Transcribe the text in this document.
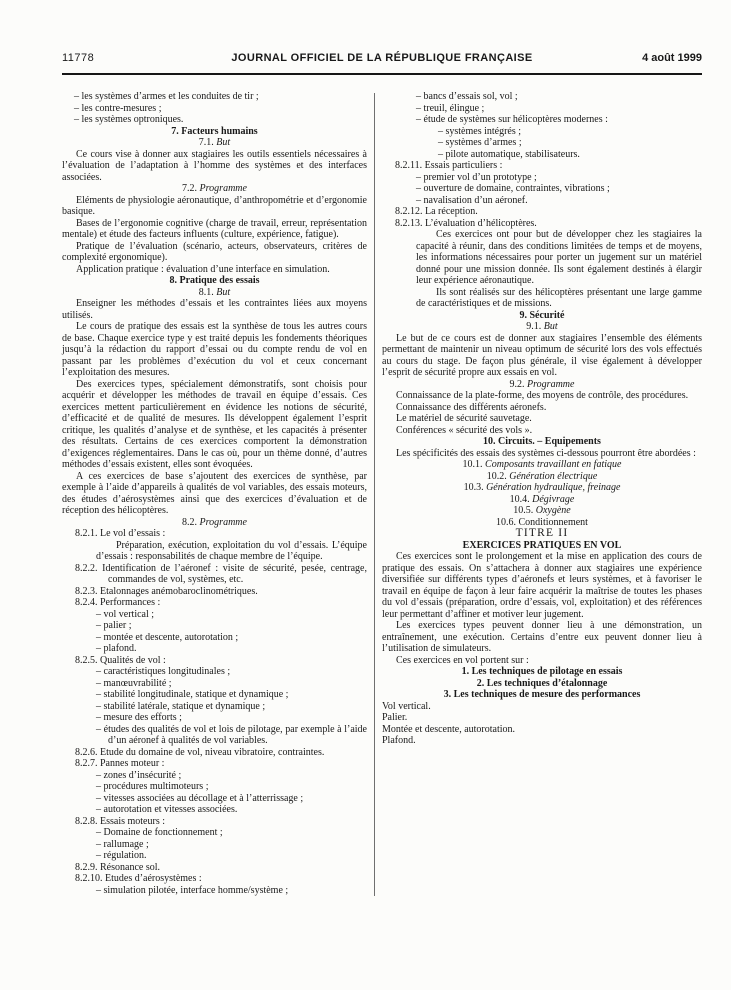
11778	JOURNAL OFFICIEL DE LA RÉPUBLIQUE FRANÇAISE	4 août 1999

– les systèmes d’armes et les conduites de tir ;

– les contre-mesures ;

– les systèmes optroniques.

7. Facteurs humains

7.1. But

Ce cours vise à donner aux stagiaires les outils essentiels nécessaires à l’évaluation de l’adaptation à l’homme des systèmes et des interfaces associées.

7.2. Programme

Eléments de physiologie aéronautique, d’anthropométrie et d’ergonomie basique.

Bases de l’ergonomie cognitive (charge de travail, erreur, représentation mentale) et étude des facteurs influents (culture, expérience, fatigue).

Pratique de l’évaluation (scénario, acteurs, observateurs, critères de complexité ergonomique).

Application pratique : évaluation d’une interface en simulation.

8. Pratique des essais

8.1. But

Enseigner les méthodes d’essais et les contraintes liées aux moyens utilisés.

Le cours de pratique des essais est la synthèse de tous les autres cours de base. Chaque exercice type y est traité depuis les fondements théoriques jusqu’à la rédaction du rapport d’essai ou du compte rendu de vol en passant par les problèmes d’exécution du vol et ceux concernant l’exploitation des mesures.

Des exercices types, spécialement démonstratifs, sont choisis pour acquérir et développer les méthodes de travail en équipe d’essais. Ces exercices mettent particulièrement en évidence les notions de sécurité, d’efficacité et de qualité de mesures. Ils développent également l’esprit critique, les qualités d’analyse et de synthèse, et les capacités à présenter des résultats. Certains de ces exercices comportent la démonstration d’exigences réglementaires. Dans le cas où, pour un thème donné, d’autres méthodes d’essais existent, elles sont évoquées.

A ces exercices de base s’ajoutent des exercices de synthèse, par exemple à l’aide d’appareils à qualités de vol variables, des essais moteurs, des études d’aérosystèmes ainsi que des exercices d’évaluation et de réception des hélicoptères.

8.2. Programme

8.2.1. Le vol d’essais :

Préparation, exécution, exploitation du vol d’essais. L’équipe d’essais : responsabilités de chaque membre de l’équipe.

8.2.2. Identification de l’aéronef : visite de sécurité, pesée, centrage, commandes de vol, systèmes, etc.

8.2.3. Etalonnages anémobaroclinométriques.

8.2.4. Performances :

– vol vertical ;

– palier ;

– montée et descente, autorotation ;

– plafond.

8.2.5. Qualités de vol :

– caractéristiques longitudinales ;

– manœuvrabilité ;

– stabilité longitudinale, statique et dynamique ;

– stabilité latérale, statique et dynamique ;

– mesure des efforts ;

– études des qualités de vol et lois de pilotage, par exemple à l’aide d’un aéronef à qualités de vol variables.

8.2.6. Etude du domaine de vol, niveau vibratoire, contraintes.

8.2.7. Pannes moteur :

– zones d’insécurité ;

– procédures multimoteurs ;

– vitesses associées au décollage et à l’atterrissage ;

– autorotation et vitesses associées.

8.2.8. Essais moteurs :

– Domaine de fonctionnement ;

– rallumage ;

– régulation.

8.2.9. Résonance sol.

8.2.10. Etudes d’aérosystèmes :

– simulation pilotée, interface homme/système ;

– bancs d’essais sol, vol ;

– treuil, élingue ;

– étude de systèmes sur hélicoptères modernes :

– systèmes intégrés ;

– systèmes d’armes ;

– pilote automatique, stabilisateurs.

8.2.11. Essais particuliers :

– premier vol d’un prototype ;

– ouverture de domaine, contraintes, vibrations ;

– navalisation d’un aéronef.

8.2.12. La réception.

8.2.13. L’évaluation d’hélicoptères.

Ces exercices ont pour but de développer chez les stagiaires la capacité à réunir, dans des conditions limitées de temps et de moyens, les informations nécessaires pour porter un jugement sur un matériel donné pour une mission donnée. Ils sont également destinés à élargir leur expérience aéronautique.

Ils sont réalisés sur des hélicoptères présentant une large gamme de caractéristiques et de missions.

9. Sécurité

9.1. But

Le but de ce cours est de donner aux stagiaires l’ensemble des éléments permettant de maintenir un niveau optimum de sécurité lors des vols effectués au cours du stage. De façon plus générale, il vise également à développer l’esprit de sécurité propre aux essais en vol.

9.2. Programme

Connaissance de la plate-forme, des moyens de contrôle, des procédures.

Connaissance des différents aéronefs.

Le matériel de sécurité sauvetage.

Conférences « sécurité des vols ».

10. Circuits. – Equipements

Les spécificités des essais des systèmes ci-dessous pourront être abordées :

10.1. Composants travaillant en fatique

10.2. Génération électrique

10.3. Génération hydraulique, freinage

10.4. Dégivrage

10.5. Oxygène

10.6. Conditionnement

TITRE II

EXERCICES PRATIQUES EN VOL

Ces exercices sont le prolongement et la mise en application des cours de pratique des essais. On s’attachera à donner aux stagiaires une expérience diversifiée sur différents types d’aéronefs et leurs systèmes, et à favoriser le travail en équipe de façon à leur faire acquérir la maîtrise de toutes les phases du vol d’essais (préparation, ordre d’essais, vol, exploitation) et des références leur permettant d’affiner et motiver leur jugement.

Les exercices types peuvent donner lieu à une démonstration, un entraînement, une exécution. Certains d’entre eux peuvent donner lieu à l’utilisation de simulateurs.

Ces exercices en vol portent sur :

1. Les techniques de pilotage en essais

2. Les techniques d’étalonnage

3. Les techniques de mesure des performances

Vol vertical.

Palier.

Montée et descente, autorotation.

Plafond.
